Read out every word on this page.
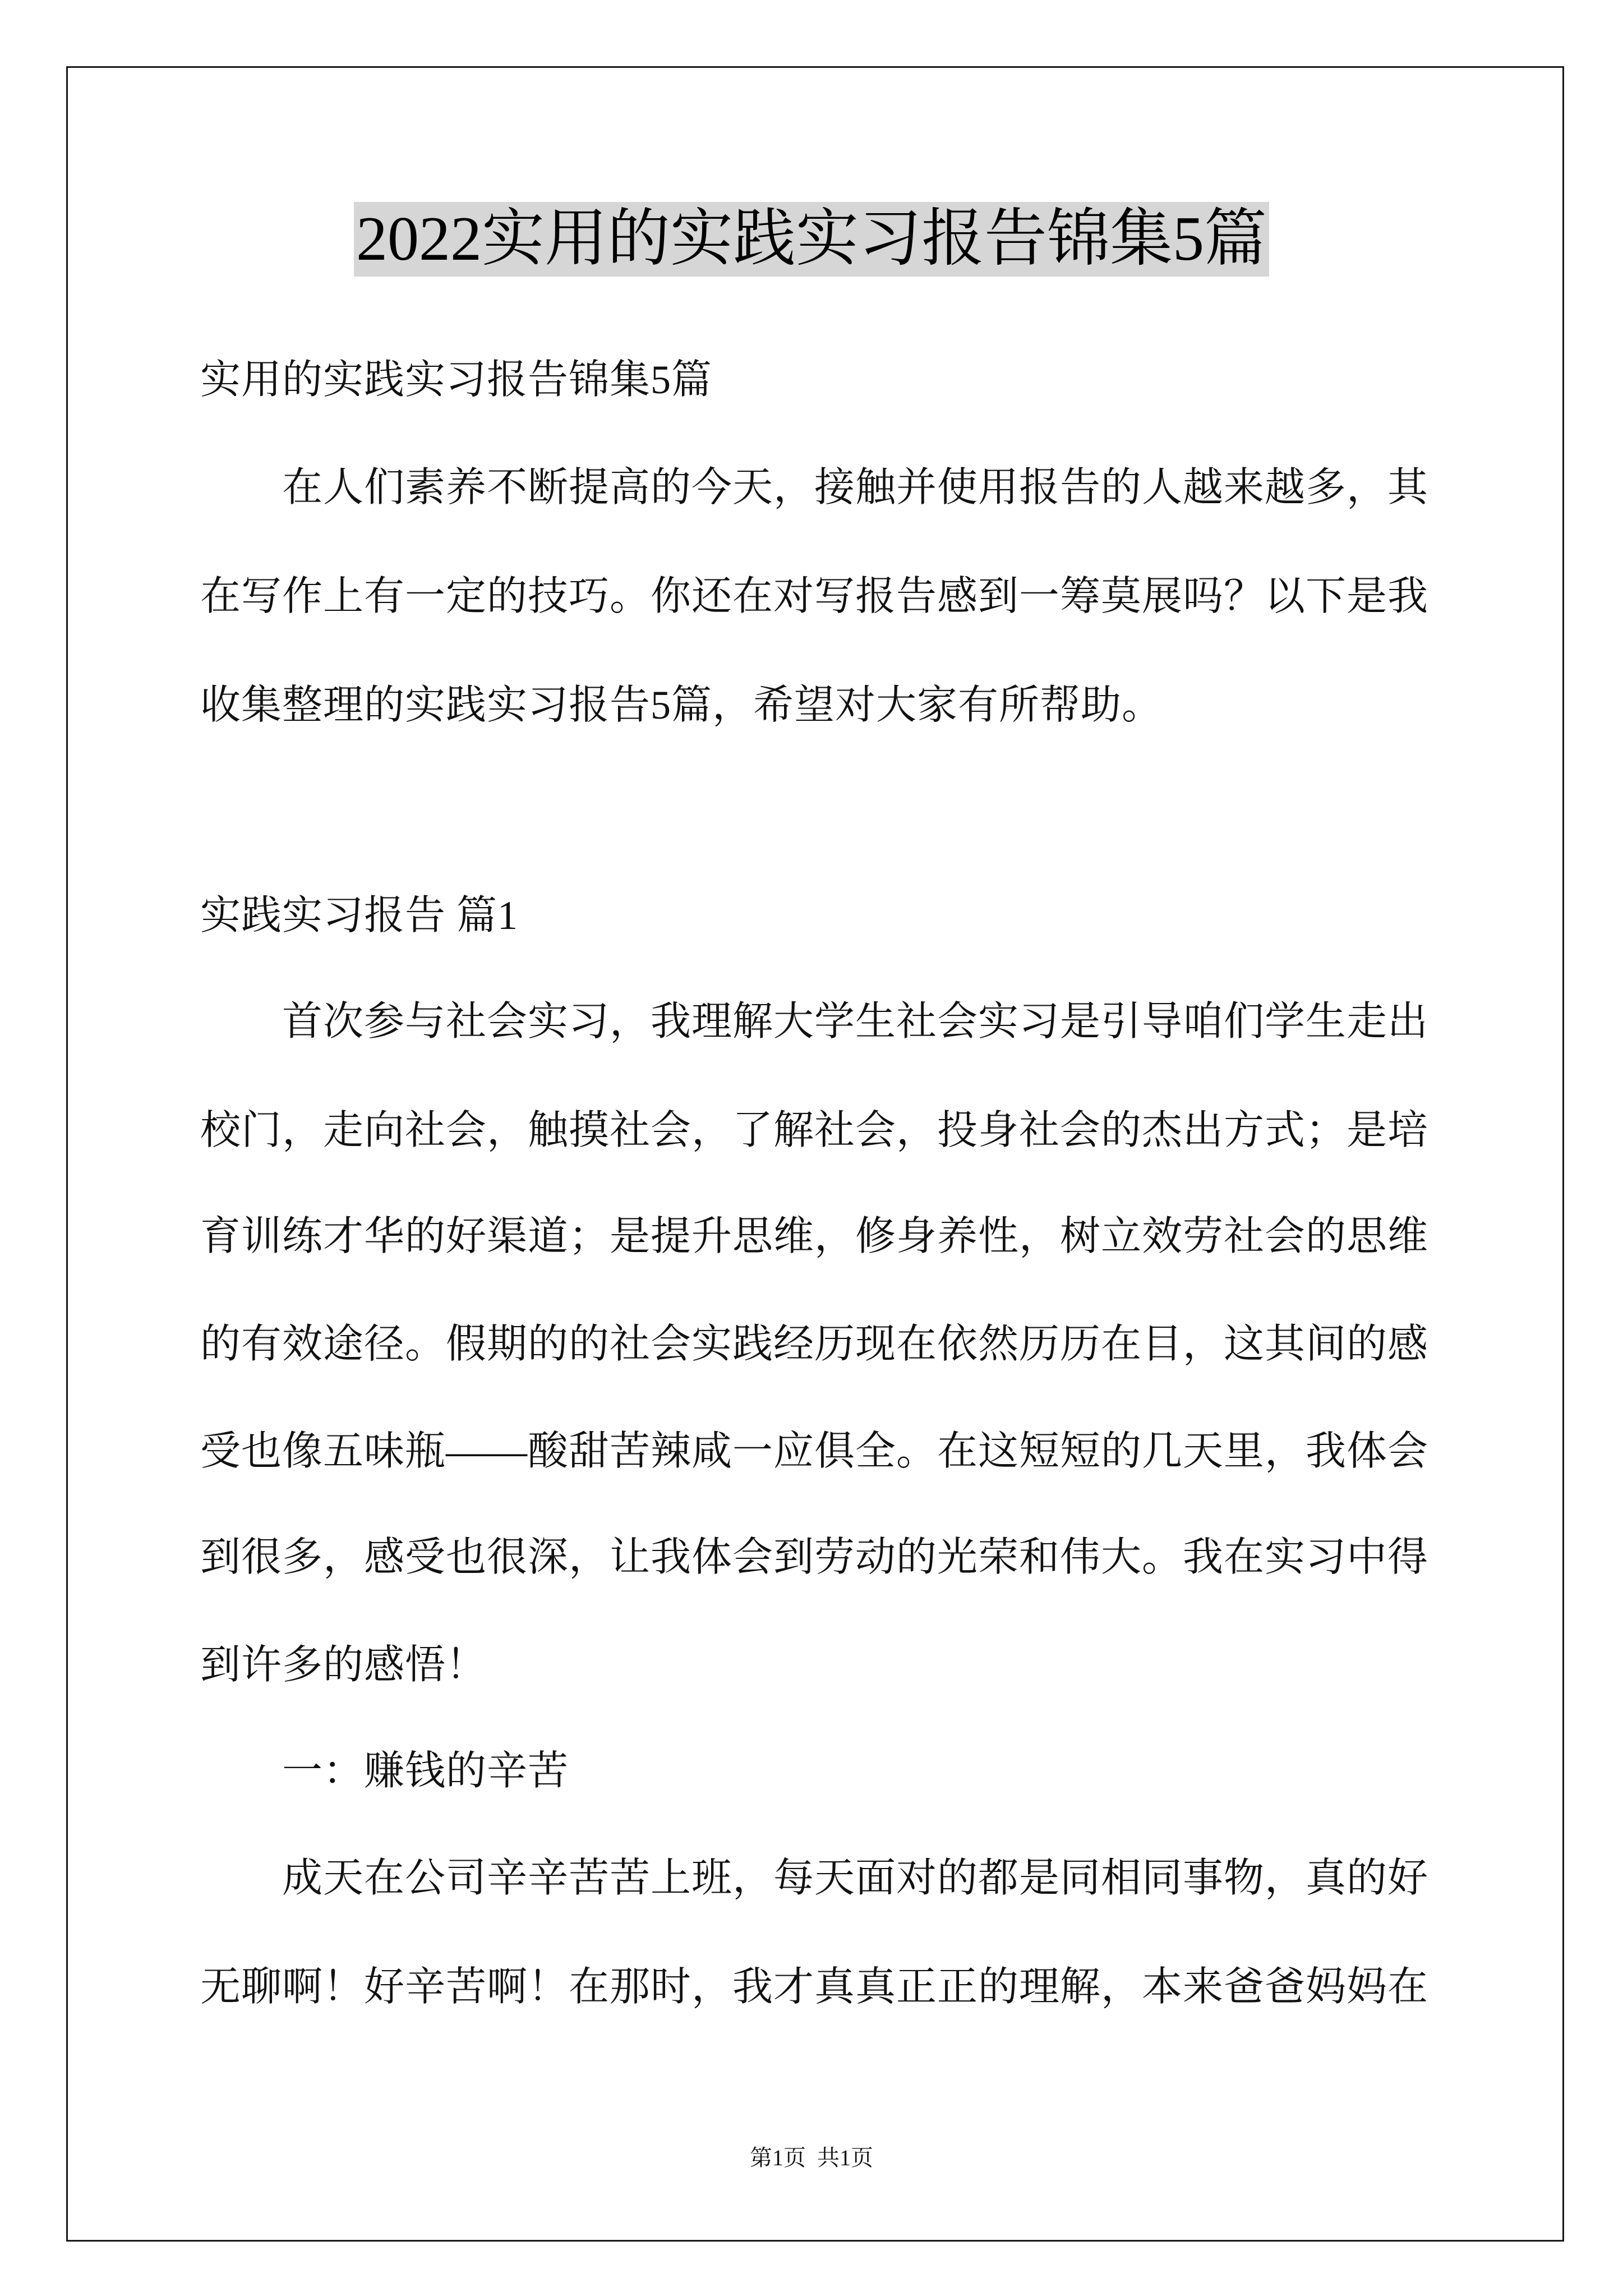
2022实用的实践实习报告锦集5篇
实用的实践实习报告锦集5篇
在人们素养不断提高的今天，接触并使用报告的人越来越多，其
在写作上有一定的技巧。你还在对写报告感到一筹莫展吗？以下是我
收集整理的实践实习报告5篇，希望对大家有所帮助。
实践实习报告 篇1
首次参与社会实习，我理解大学生社会实习是引导咱们学生走出
校门，走向社会，触摸社会，了解社会，投身社会的杰出方式；是培
育训练才华的好渠道；是提升思维，修身养性，树立效劳社会的思维
的有效途径。假期的的社会实践经历现在依然历历在目，这其间的感
受也像五味瓶——酸甜苦辣咸一应俱全。在这短短的几天里，我体会
到很多，感受也很深，让我体会到劳动的光荣和伟大。我在实习中得
到许多的感悟！
一：赚钱的辛苦
成天在公司辛辛苦苦上班，每天面对的都是同相同事物，真的好
无聊啊！好辛苦啊！在那时，我才真真正正的理解，本来爸爸妈妈在
第1页  共1页
